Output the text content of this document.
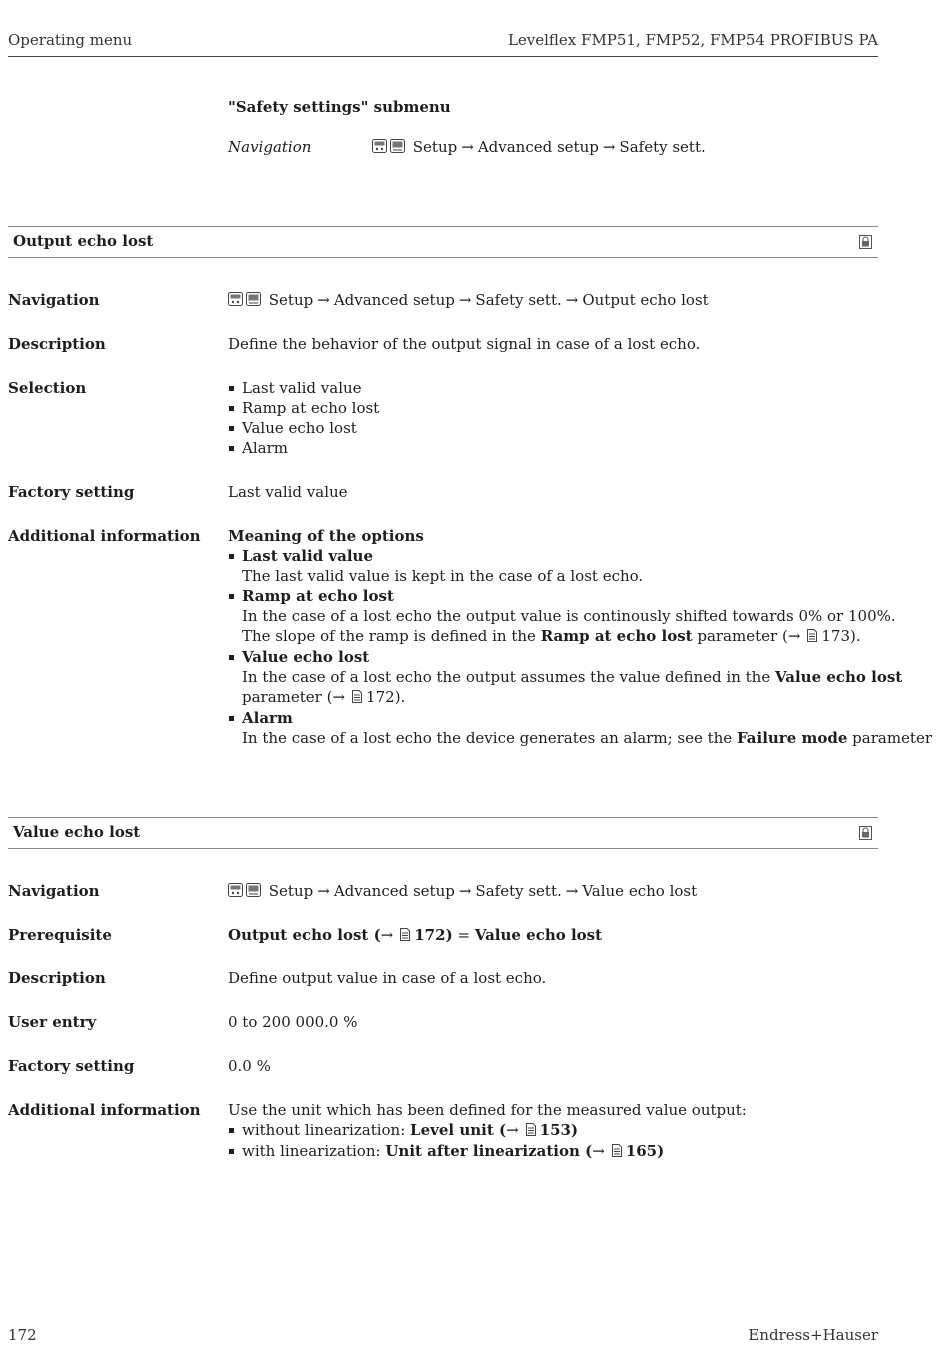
Operating menu	Levelflex FMP51, FMP52, FMP54 PROFIBUS PA
"Safety settings" submenu
Navigation	Setup → Advanced setup → Safety sett.
Output echo lost
Navigation	Setup → Advanced setup → Safety sett. → Output echo lost
Description	Define the behavior of the output signal in case of a lost echo.
Selection	Last valid value
Ramp at echo lost
Value echo lost
Alarm
Factory setting	Last valid value
Additional information	Meaning of the options
Last valid value
The last valid value is kept in the case of a lost echo.
Ramp at echo lost
In the case of a lost echo the output value is continously shifted towards 0% or 100%.
The slope of the ramp is defined in the Ramp at echo lost parameter (→ 173).
Value echo lost
In the case of a lost echo the output assumes the value defined in the Value echo lost
parameter (→ 172).
Alarm
In the case of a lost echo the device generates an alarm; see the Failure mode parameter
Value echo lost
Navigation	Setup → Advanced setup → Safety sett. → Value echo lost
Prerequisite	Output echo lost (→ 172) = Value echo lost
Description	Define output value in case of a lost echo.
User entry	0 to 200 000.0 %
Factory setting	0.0 %
Additional information	Use the unit which has been defined for the measured value output:
without linearization: Level unit (→ 153)
with linearization: Unit after linearization (→ 165)
172	Endress+Hauser
